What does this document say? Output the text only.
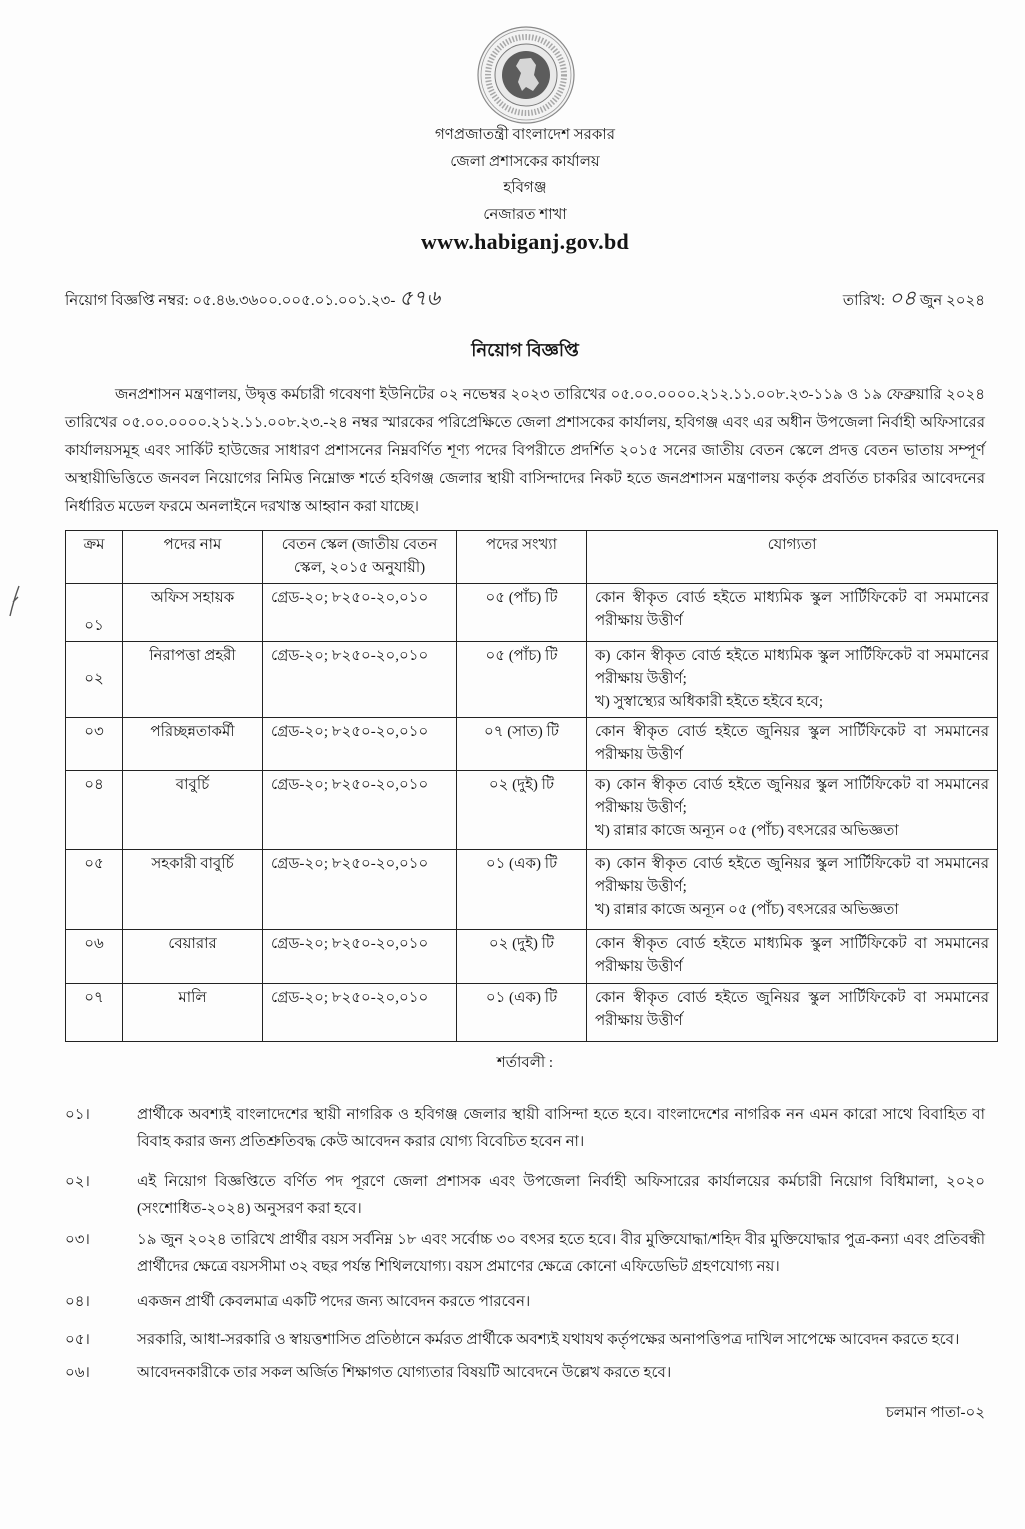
গণপ্রজাতন্ত্রী বাংলাদেশ সরকার
জেলা প্রশাসকের কার্যালয়
হবিগঞ্জ
নেজারত শাখা
www.habiganj.gov.bd
নিয়োগ বিজ্ঞপ্তি নম্বর: ০৫.৪৬.৩৬০০.০০৫.০১.০০১.২৩- ৫৭৬	তারিখ: ০৪ জুন ২০২৪
নিয়োগ বিজ্ঞপ্তি

জনপ্রশাসন মন্ত্রণালয়, উদ্বৃত্ত কর্মচারী গবেষণা ইউনিটের ০২ নভেম্বর ২০২৩ তারিখের ০৫.০০.০০০০.২১২.১১.০০৮.২৩-১১৯ ও ১৯ ফেব্রুয়ারি ২০২৪ তারিখের ০৫.০০.০০০০.২১২.১১.০০৮.২৩.-২৪ নম্বর স্মারকের পরিপ্রেক্ষিতে জেলা প্রশাসকের কার্যালয়, হবিগঞ্জ এবং এর অধীন উপজেলা নির্বাহী অফিসারের কার্যালয়সমূহ এবং সার্কিট হাউজের সাধারণ প্রশাসনের নিম্নবর্ণিত শূণ্য পদের বিপরীতে প্রদর্শিত ২০১৫ সনের জাতীয় বেতন স্কেলে প্রদত্ত বেতন ভাতায় সম্পূর্ণ অস্থায়ীভিত্তিতে জনবল নিয়োগের নিমিত্ত নিম্নোক্ত শর্তে হবিগঞ্জ জেলার স্থায়ী বাসিন্দাদের নিকট হতে জনপ্রশাসন মন্ত্রণালয় কর্তৃক প্রবর্তিত চাকরির আবেদনের নির্ধারিত মডেল ফরমে অনলাইনে দরখাস্ত আহ্বান করা যাচ্ছে।

ক্রম	পদের নাম	বেতন স্কেল (জাতীয় বেতন স্কেল, ২০১৫ অনুযায়ী)	পদের সংখ্যা	যোগ্যতা
০১	অফিস সহায়ক	গ্রেড-২০; ৮২৫০-২০,০১০	০৫ (পাঁচ) টি	কোন স্বীকৃত বোর্ড হইতে মাধ্যমিক স্কুল সার্টিফিকেট বা সমমানের পরীক্ষায় উত্তীর্ণ

০২	নিরাপত্তা প্রহরী	গ্রেড-২০; ৮২৫০-২০,০১০	০৫ (পাঁচ) টি	ক) কোন স্বীকৃত বোর্ড হইতে মাধ্যমিক স্কুল সার্টিফিকেট বা সমমানের পরীক্ষায় উত্তীর্ণ;
খ) সুস্বাস্থ্যের অধিকারী হইতে হইবে হবে;

০৩	পরিচ্ছন্নতাকর্মী	গ্রেড-২০; ৮২৫০-২০,০১০	০৭ (সাত) টি	কোন স্বীকৃত বোর্ড হইতে জুনিয়র স্কুল সার্টিফিকেট বা সমমানের পরীক্ষায় উত্তীর্ণ

০৪	বাবুর্চি	গ্রেড-২০; ৮২৫০-২০,০১০	০২ (দুই) টি	ক) কোন স্বীকৃত বোর্ড হইতে জুনিয়র স্কুল সার্টিফিকেট বা সমমানের পরীক্ষায় উত্তীর্ণ;
খ) রান্নার কাজে অন্যূন ০৫ (পাঁচ) বৎসরের অভিজ্ঞতা

০৫	সহকারী বাবুর্চি	গ্রেড-২০; ৮২৫০-২০,০১০	০১ (এক) টি	ক) কোন স্বীকৃত বোর্ড হইতে জুনিয়র স্কুল সার্টিফিকেট বা সমমানের পরীক্ষায় উত্তীর্ণ;
খ) রান্নার কাজে অন্যূন ০৫ (পাঁচ) বৎসরের অভিজ্ঞতা

০৬	বেয়ারার	গ্রেড-২০; ৮২৫০-২০,০১০	০২ (দুই) টি	কোন স্বীকৃত বোর্ড হইতে মাধ্যমিক স্কুল সার্টিফিকেট বা সমমানের পরীক্ষায় উত্তীর্ণ

০৭	মালি	গ্রেড-২০; ৮২৫০-২০,০১০	০১ (এক) টি	কোন স্বীকৃত বোর্ড হইতে জুনিয়র স্কুল সার্টিফিকেট বা সমমানের পরীক্ষায় উত্তীর্ণ
শর্তাবলী :
০১।	প্রার্থীকে অবশ্যই বাংলাদেশের স্থায়ী নাগরিক ও হবিগঞ্জ জেলার স্থায়ী বাসিন্দা হতে হবে। বাংলাদেশের নাগরিক নন এমন কারো সাথে বিবাহিত বা বিবাহ করার জন্য প্রতিশ্রুতিবদ্ধ কেউ আবেদন করার যোগ্য বিবেচিত হবেন না।
০২।	এই নিয়োগ বিজ্ঞপ্তিতে বর্ণিত পদ পূরণে জেলা প্রশাসক এবং উপজেলা নির্বাহী অফিসারের কার্যালয়ের কর্মচারী নিয়োগ বিধিমালা, ২০২০ (সংশোধিত-২০২৪) অনুসরণ করা হবে।
০৩।	১৯ জুন ২০২৪ তারিখে প্রার্থীর বয়স সর্বনিম্ন ১৮ এবং সর্বোচ্চ ৩০ বৎসর হতে হবে। বীর মুক্তিযোদ্ধা/শহিদ বীর মুক্তিযোদ্ধার পুত্র-কন্যা এবং প্রতিবন্ধী প্রার্থীদের ক্ষেত্রে বয়সসীমা ৩২ বছর পর্যন্ত শিথিলযোগ্য। বয়স প্রমাণের ক্ষেত্রে কোনো এফিডেভিট গ্রহণযোগ্য নয়।
০৪।	একজন প্রার্থী কেবলমাত্র একটি পদের জন্য আবেদন করতে পারবেন।
০৫।	সরকারি, আধা-সরকারি ও স্বায়ত্তশাসিত প্রতিষ্ঠানে কর্মরত প্রার্থীকে অবশ্যই যথাযথ কর্তৃপক্ষের অনাপত্তিপত্র দাখিল সাপেক্ষে আবেদন করতে হবে।
০৬।	আবেদনকারীকে তার সকল অর্জিত শিক্ষাগত যোগ্যতার বিষয়টি আবেদনে উল্লেখ করতে হবে।
চলমান পাতা-০২
